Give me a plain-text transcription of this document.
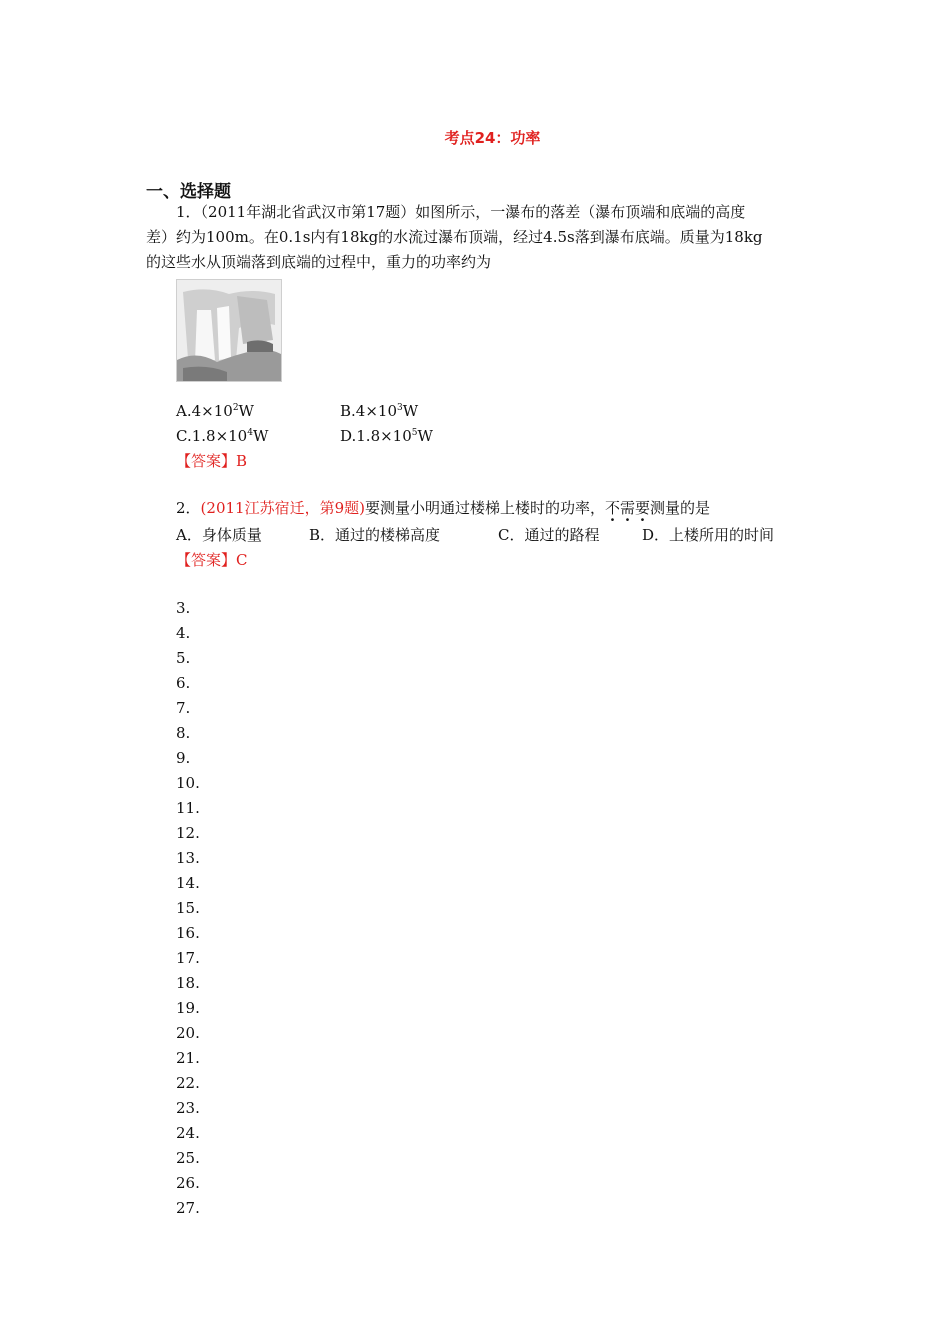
考点24：功率
一、选择题
1．（2011年湖北省武汉市第17题）如图所示，一瀑布的落差（瀑布顶端和底端的高度
差）约为100m。在0.1s内有18kg的水流过瀑布顶端，经过4.5s落到瀑布底端。质量为18kg
的这些水从顶端落到底端的过程中，重力的功率约为
$A.4\times 10^2W$	$B.4\times 10^3W$
$C.1.8\times 10^4W$	$D.1.8\times 10^5W$
【答案】B
2．(2011江苏宿迁，第9题)要测量小明通过楼梯上楼时的功率，不需要测量的是
A．身体质量	B．通过的楼梯高度	C．通过的路程	D．上楼所用的时间
【答案】C
3.
4.
5.
6.
7.
8.
9.
10.
11.
12.
13.
14.
15.
16.
17.
18.
19.
20.
21.
22.
23.
24.
25.
26.
27.
